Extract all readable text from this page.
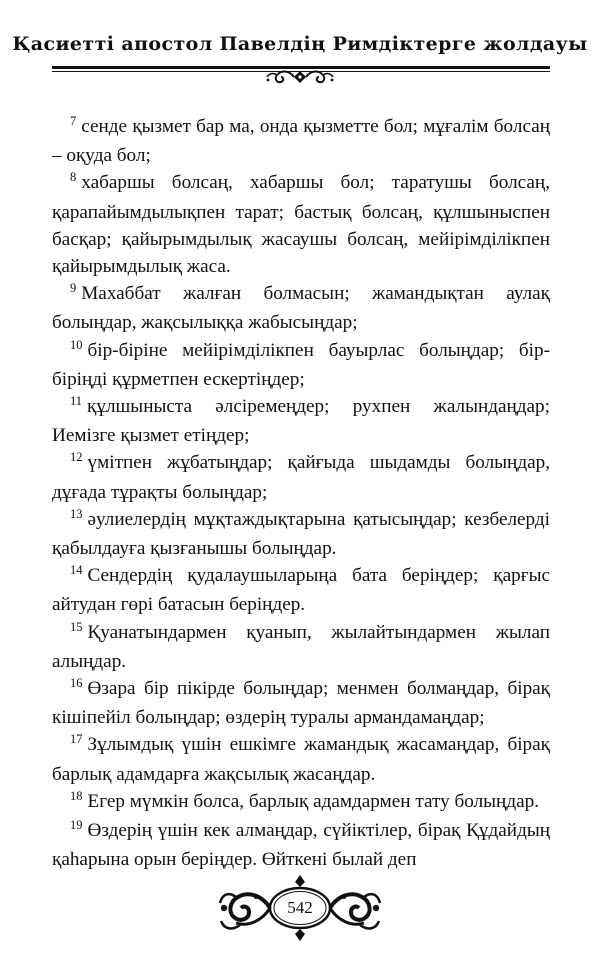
Қасиетті апостол Павелдің Римдіктерге жолдауы

$^7$ сенде қызмет бар ма, онда қызметте бол; мұғалім болсаң – оқуда бол;

$^8$ хабаршы болсаң, хабаршы бол; таратушы болсаң, қарапайымдылықпен тарат; бастық болсаң, құлшыныспен басқар; қайырымдылық жасаушы болсаң, мейірімділікпен қайырымдылық жаса.

$^9$ Махаббат жалған болмасын; жамандықтан аулақ болыңдар, жақсылыққа жабысыңдар;

$^{10}$ бір-біріне мейірімділікпен бауырлас болыңдар; бір-біріңді құрметпен ескертіңдер;

$^{11}$ құлшыныста әлсіремеңдер; рухпен жалындаңдар; Иемізге қызмет етіңдер;

$^{12}$ үмітпен жұбатыңдар; қайғыда шыдамды болыңдар, дұғада тұрақты болыңдар;

$^{13}$ әулиелердің мұқтаждықтарына қатысыңдар; кезбелерді қабылдауға қызғанышы болыңдар.

$^{14}$ Сендердің қудалаушыларыңа бата беріңдер; қарғыс айтудан гөрі батасын беріңдер.

$^{15}$ Қуанатындармен қуанып, жылайтындармен жылап алыңдар.

$^{16}$ Өзара бір пікірде болыңдар; менмен болмаңдар, бірақ кішіпейіл болыңдар; өздерің туралы армандамаңдар;

$^{17}$ Зұлымдық үшін ешкімге жамандық жасамаңдар, бірақ барлық адамдарға жақсылық жасаңдар.

$^{18}$ Егер мүмкін болса, барлық адамдармен тату болыңдар.

$^{19}$ Өздерің үшін кек алмаңдар, сүйіктілер, бірақ Құдайдың қаһарына орын беріңдер. Өйткені былай деп

542
